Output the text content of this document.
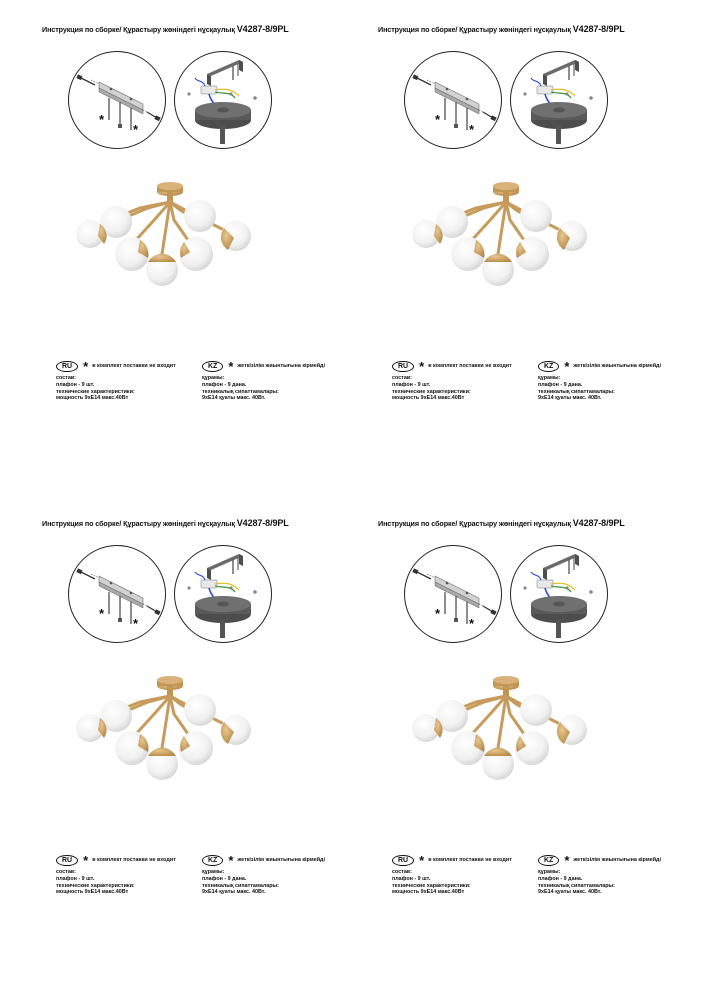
Инструкция по сборке/ Құрастыру жөніндегі нұсқаулық V4287-8/9PL
*
*
RU * в комплект поставки не входит
состав:
плафон - 9 шт.
технические характеристики:
мощность 9xE14 макс.40Вт
KZ * жеткізілім жиынтығына кірмейді
құрамы:
плафон - 9 дана.
техникалық сипаттамалары:
9xE14 қуаты макс. 40Вт.
Инструкция по сборке/ Құрастыру жөніндегі нұсқаулық V4287-8/9PL
*
*
RU * в комплект поставки не входит
состав:
плафон - 9 шт.
технические характеристики:
мощность 9xE14 макс.40Вт
KZ * жеткізілім жиынтығына кірмейді
құрамы:
плафон - 9 дана.
техникалық сипаттамалары:
9xE14 қуаты макс. 40Вт.
Инструкция по сборке/ Құрастыру жөніндегі нұсқаулық V4287-8/9PL
*
*
RU * в комплект поставки не входит
состав:
плафон - 9 шт.
технические характеристики:
мощность 9xE14 макс.40Вт
KZ * жеткізілім жиынтығына кірмейді
құрамы:
плафон - 9 дана.
техникалық сипаттамалары:
9xE14 қуаты макс. 40Вт.
Инструкция по сборке/ Құрастыру жөніндегі нұсқаулық V4287-8/9PL
*
*
RU * в комплект поставки не входит
состав:
плафон - 9 шт.
технические характеристики:
мощность 9xE14 макс.40Вт
KZ * жеткізілім жиынтығына кірмейді
құрамы:
плафон - 9 дана.
техникалық сипаттамалары:
9xE14 қуаты макс. 40Вт.
